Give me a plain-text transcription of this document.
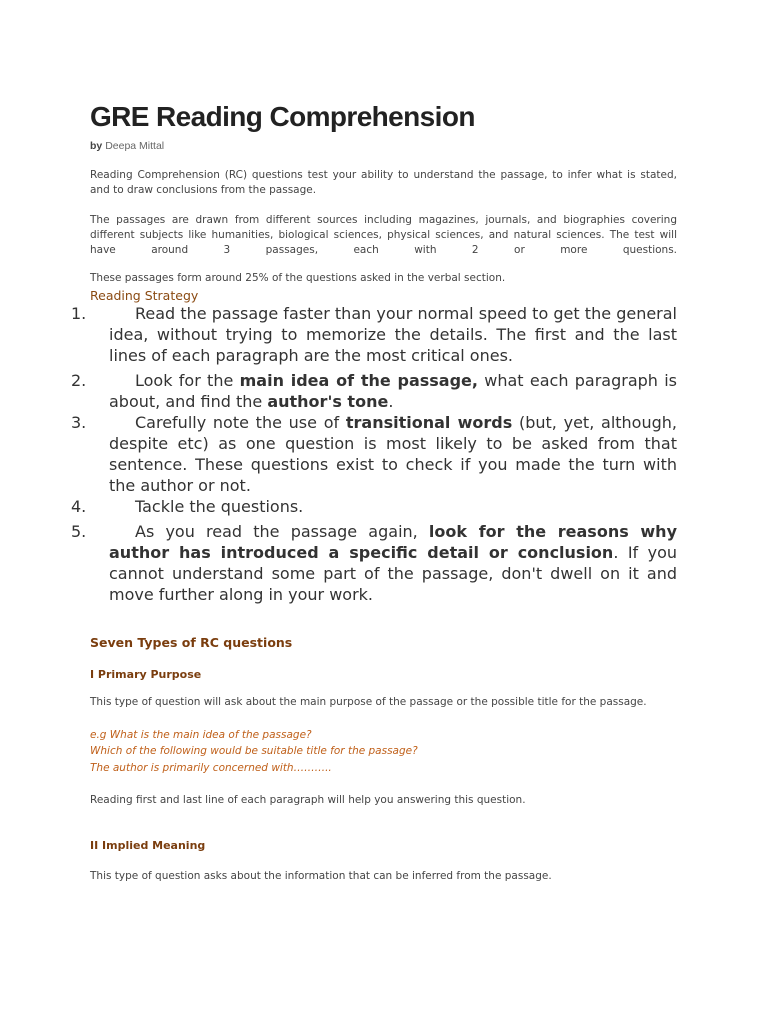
GRE Reading Comprehension
by Deepa Mittal

Reading Comprehension (RC) questions test your ability to understand the passage, to infer what is stated, and to draw conclusions from the passage.

The passages are drawn from different sources including magazines, journals, and biographies covering different subjects like humanities, biological sciences, physical sciences, and natural sciences. The test will have around 3 passages, each with 2 or more questions.

These passages form around 25% of the questions asked in the verbal section.

Reading Strategy
1.	Read the passage faster than your normal speed to get the general idea, without trying to memorize the details. The first and the last lines of each paragraph are the most critical ones.
2.	Look for the main idea of the passage, what each paragraph is about, and find the author's tone.
3.	Carefully note the use of transitional words (but, yet, although, despite etc) as one question is most likely to be asked from that sentence. These questions exist to check if you made the turn with the author or not.
4.	Tackle the questions.
5.	As you read the passage again, look for the reasons why author has introduced a specific detail or conclusion. If you cannot understand some part of the passage, don't dwell on it and move further along in your work.
Seven Types of RC questions
I Primary Purpose
This type of question will ask about the main purpose of the passage or the possible title for the passage.
e.g What is the main idea of the passage?
Which of the following would be suitable title for the passage?
The author is primarily concerned with………..
Reading first and last line of each paragraph will help you answering this question.
II Implied Meaning
This type of question asks about the information that can be inferred from the passage.
